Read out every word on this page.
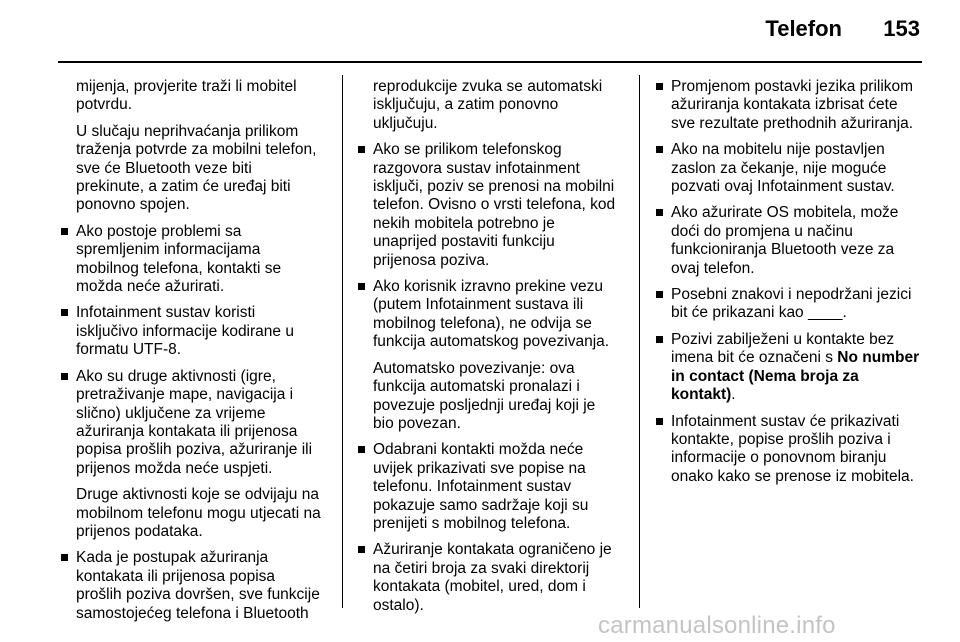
Telefon 153
mijenja, provjerite traži li mobitel
potvrdu.
U slučaju neprihvaćanja prilikom
traženja potvrde za mobilni telefon,
sve će Bluetooth veze biti
prekinute, a zatim će uređaj biti
ponovno spojen.
Ako postoje problemi sa
spremljenim informacijama
mobilnog telefona, kontakti se
možda neće ažurirati.
Infotainment sustav koristi
isključivo informacije kodirane u
formatu UTF-8.
Ako su druge aktivnosti (igre,
pretraživanje mape, navigacija i
slično) uključene za vrijeme
ažuriranja kontakata ili prijenosa
popisa prošlih poziva, ažuriranje ili
prijenos možda neće uspjeti.
Druge aktivnosti koje se odvijaju na
mobilnom telefonu mogu utjecati na
prijenos podataka.
Kada je postupak ažuriranja
kontakata ili prijenosa popisa
prošlih poziva dovršen, sve funkcije
samostojećeg telefona i Bluetooth
reprodukcije zvuka se automatski
isključuju, a zatim ponovno
uključuju.
Ako se prilikom telefonskog
razgovora sustav infotainment
isključi, poziv se prenosi na mobilni
telefon. Ovisno o vrsti telefona, kod
nekih mobitela potrebno je
unaprijed postaviti funkciju
prijenosa poziva.
Ako korisnik izravno prekine vezu
(putem Infotainment sustava ili
mobilnog telefona), ne odvija se
funkcija automatskog povezivanja.
Automatsko povezivanje: ova
funkcija automatski pronalazi i
povezuje posljednji uređaj koji je
bio povezan.
Odabrani kontakti možda neće
uvijek prikazivati sve popise na
telefonu. Infotainment sustav
pokazuje samo sadržaje koji su
prenijeti s mobilnog telefona.
Ažuriranje kontakata ograničeno je
na četiri broja za svaki direktorij
kontakata (mobitel, ured, dom i
ostalo).
Promjenom postavki jezika prilikom
ažuriranja kontakata izbrisat ćete
sve rezultate prethodnih ažuriranja.
Ako na mobitelu nije postavljen
zaslon za čekanje, nije moguće
pozvati ovaj Infotainment sustav.
Ako ažurirate OS mobitela, može
doći do promjena u načinu
funkcioniranja Bluetooth veze za
ovaj telefon.
Posebni znakovi i nepodržani jezici
bit će prikazani kao ____.
Pozivi zabilježeni u kontakte bez
imena bit će označeni s No number
in contact (Nema broja za kontakt).
Infotainment sustav će prikazivati
kontakte, popise prošlih poziva i
informacije o ponovnom biranju
onako kako se prenose iz mobitela.
carmanualsonline.info
